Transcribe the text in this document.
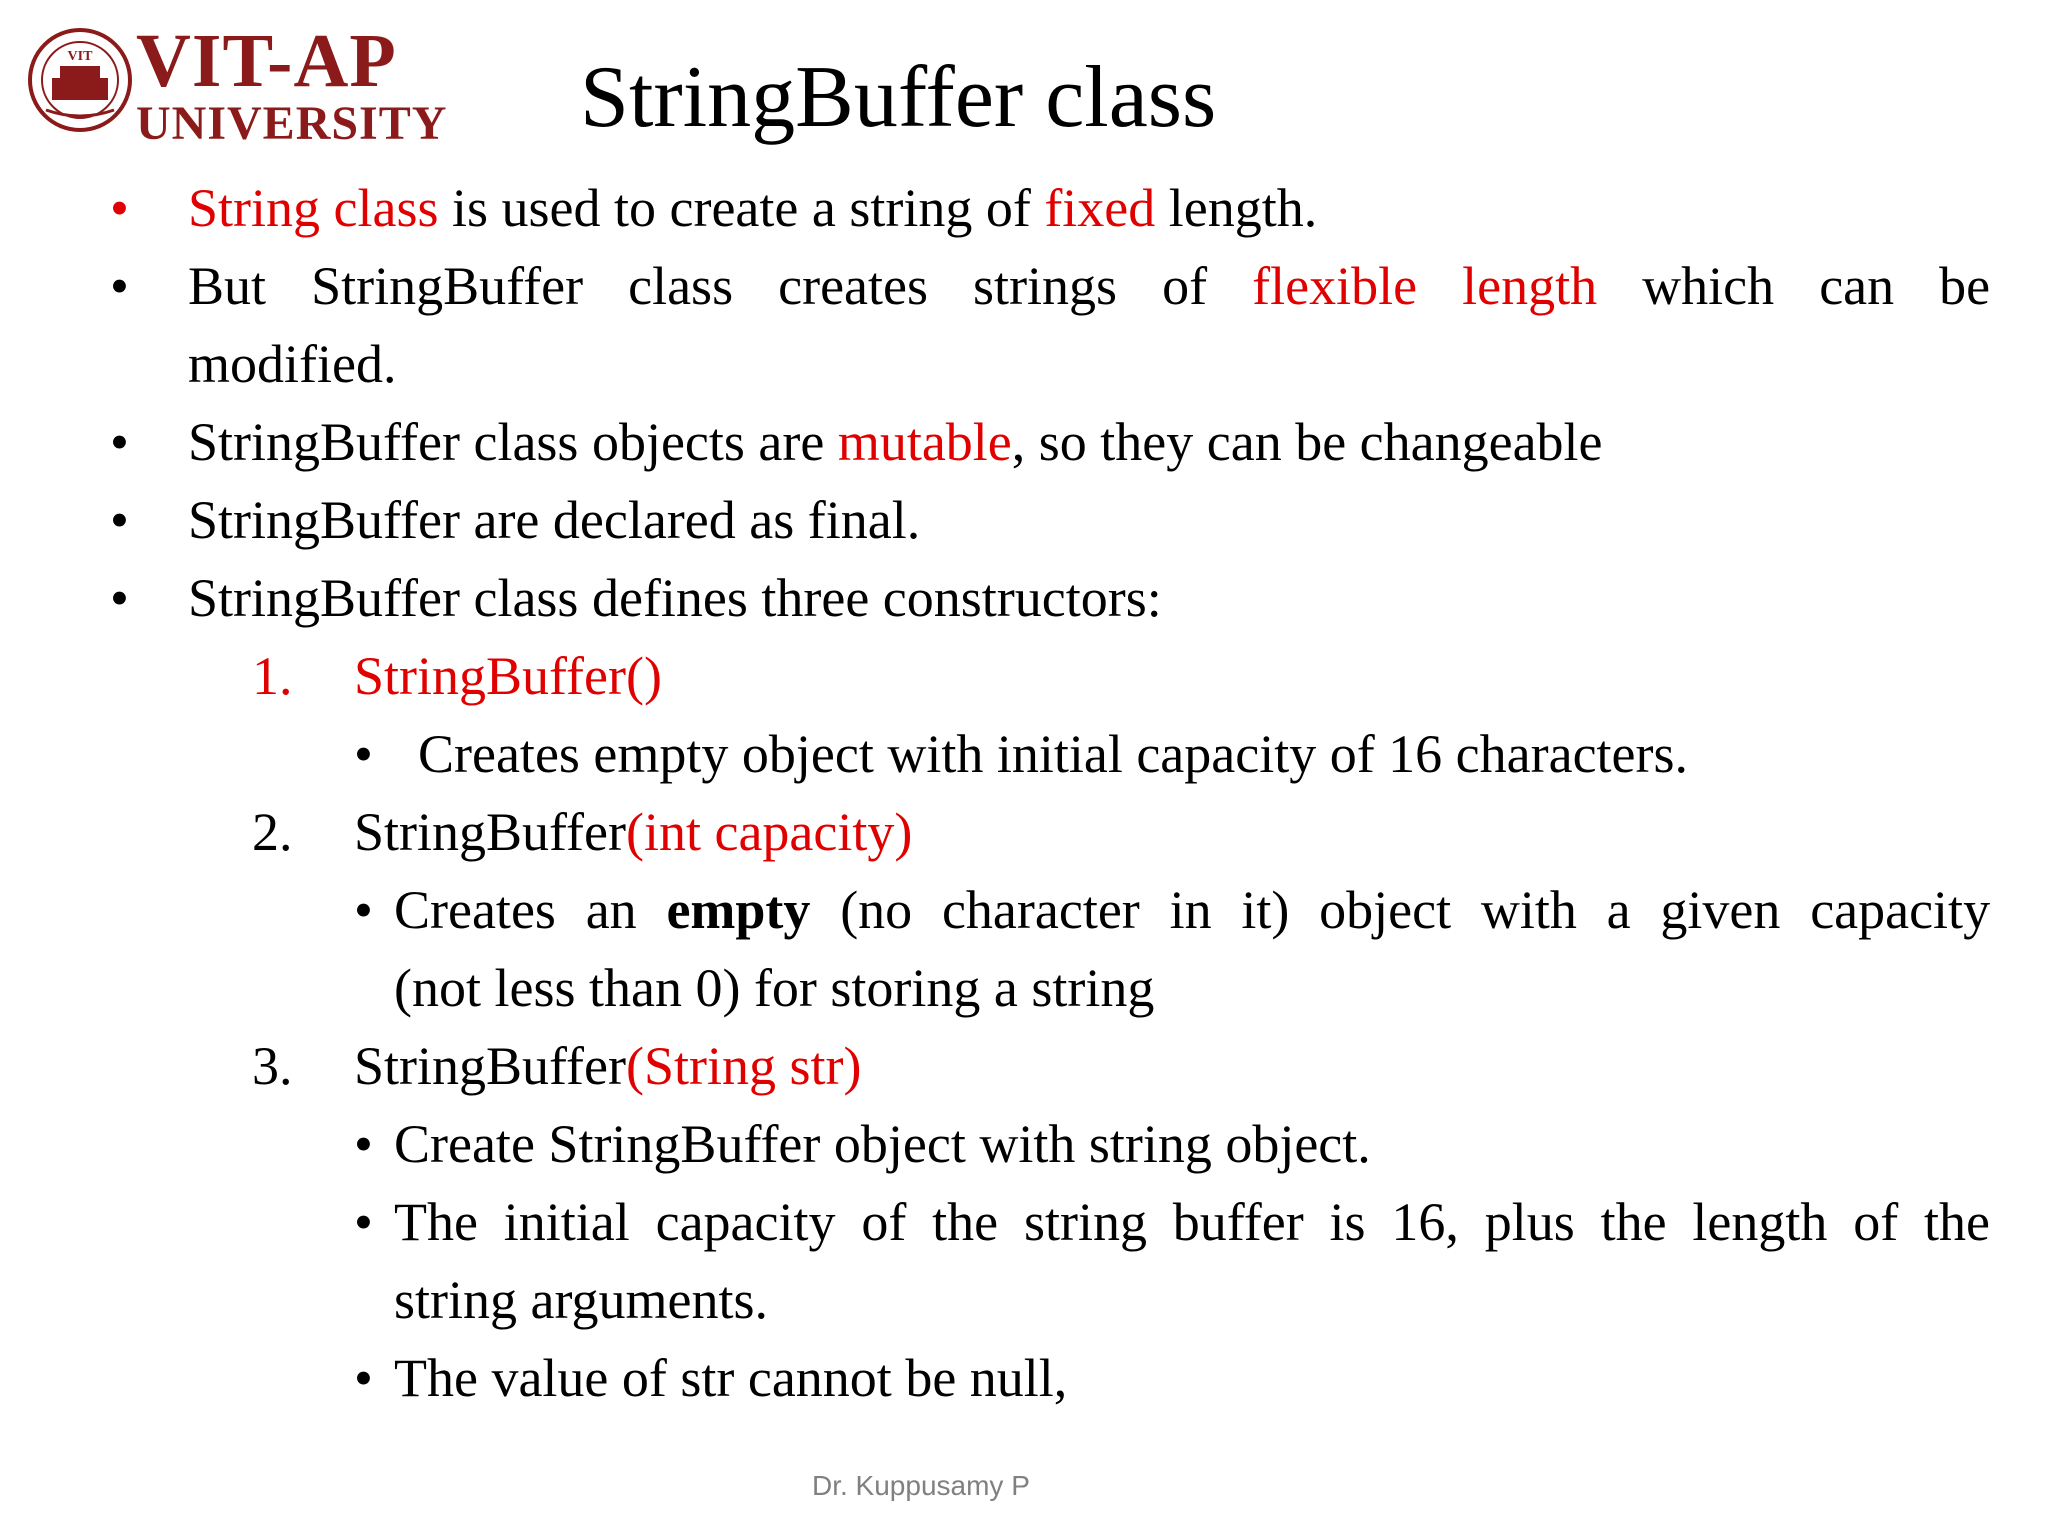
VIT VIT-AP
UNIVERSITY StringBuffer class
• String class is used to create a string of fixed length.
• But StringBuffer class creates strings of flexible length which can be
modified.
• StringBuffer class objects are mutable, so they can be changeable
• StringBuffer are declared as final.
• StringBuffer class defines three constructors:
1. StringBuffer()
• Creates empty object with initial capacity of 16 characters.
2. StringBuffer(int capacity)
• Creates an empty (no character in it) object with a given capacity
(not less than 0) for storing a string
3. StringBuffer(String str)
• Create StringBuffer object with string object.
• The initial capacity of the string buffer is 16, plus the length of the
string arguments.
• The value of str cannot be null,
Dr. Kuppusamy P
